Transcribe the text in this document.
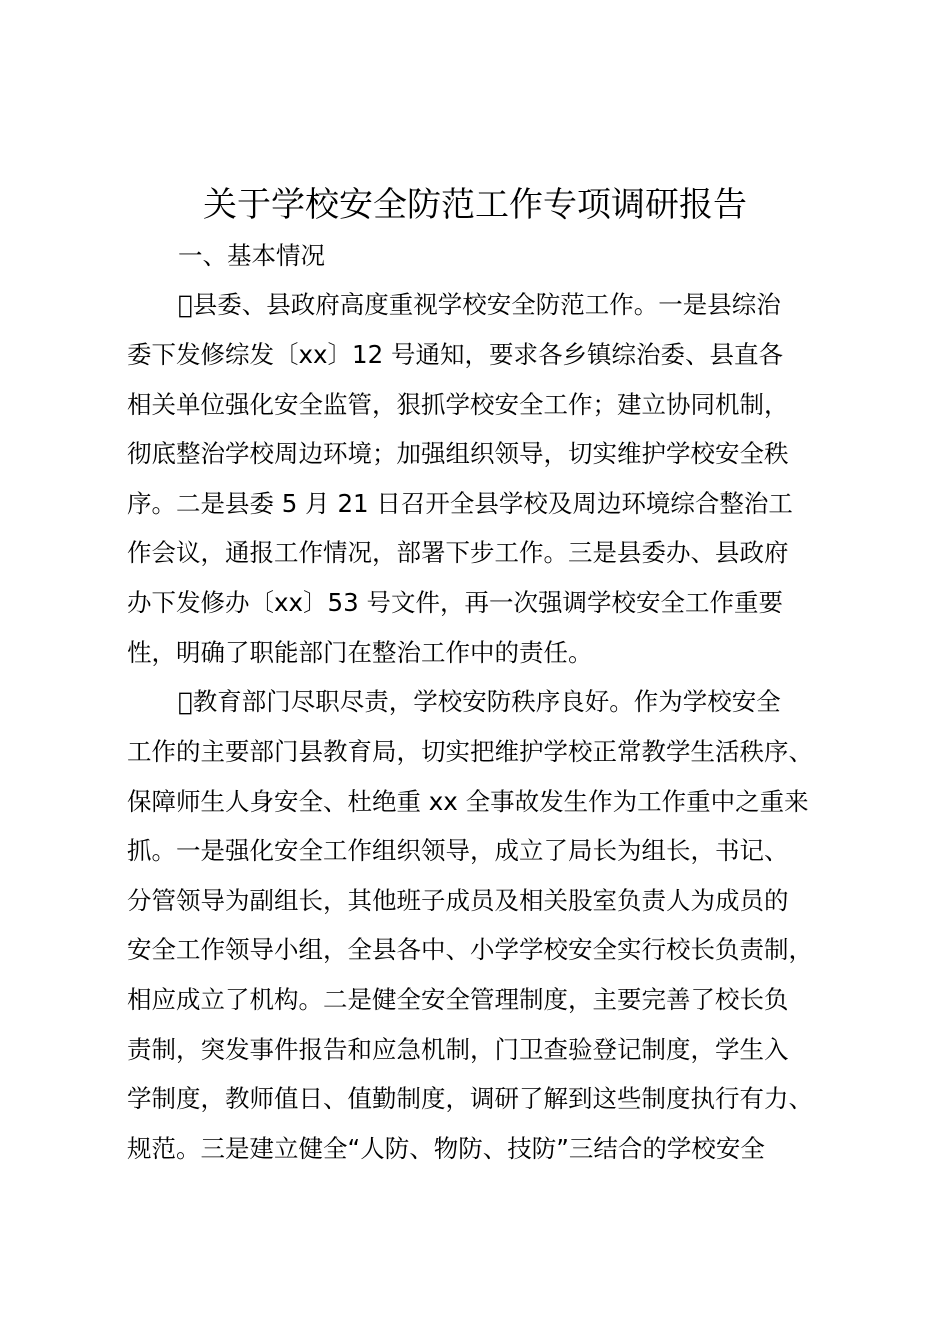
关于学校安全防范工作专项调研报告
一、基本情况
县委、县政府高度重视学校安全防范工作。一是县综治
委下发修综发〔xx〕12 号通知，要求各乡镇综治委、县直各
相关单位强化安全监管，狠抓学校安全工作；建立协同机制，
彻底整治学校周边环境；加强组织领导，切实维护学校安全秩
序。二是县委 5 月 21 日召开全县学校及周边环境综合整治工
作会议，通报工作情况，部署下步工作。三是县委办、县政府
办下发修办〔xx〕53 号文件，再一次强调学校安全工作重要
性，明确了职能部门在整治工作中的责任。
教育部门尽职尽责，学校安防秩序良好。作为学校安全
工作的主要部门县教育局，切实把维护学校正常教学生活秩序、
保障师生人身安全、杜绝重 xx 全事故发生作为工作重中之重来
抓。一是强化安全工作组织领导，成立了局长为组长，书记、
分管领导为副组长，其他班子成员及相关股室负责人为成员的
安全工作领导小组，全县各中、小学学校安全实行校长负责制，
相应成立了机构。二是健全安全管理制度，主要完善了校长负
责制，突发事件报告和应急机制，门卫查验登记制度，学生入
学制度，教师值日、值勤制度，调研了解到这些制度执行有力、
规范。三是建立健全“人防、物防、技防”三结合的学校安全
